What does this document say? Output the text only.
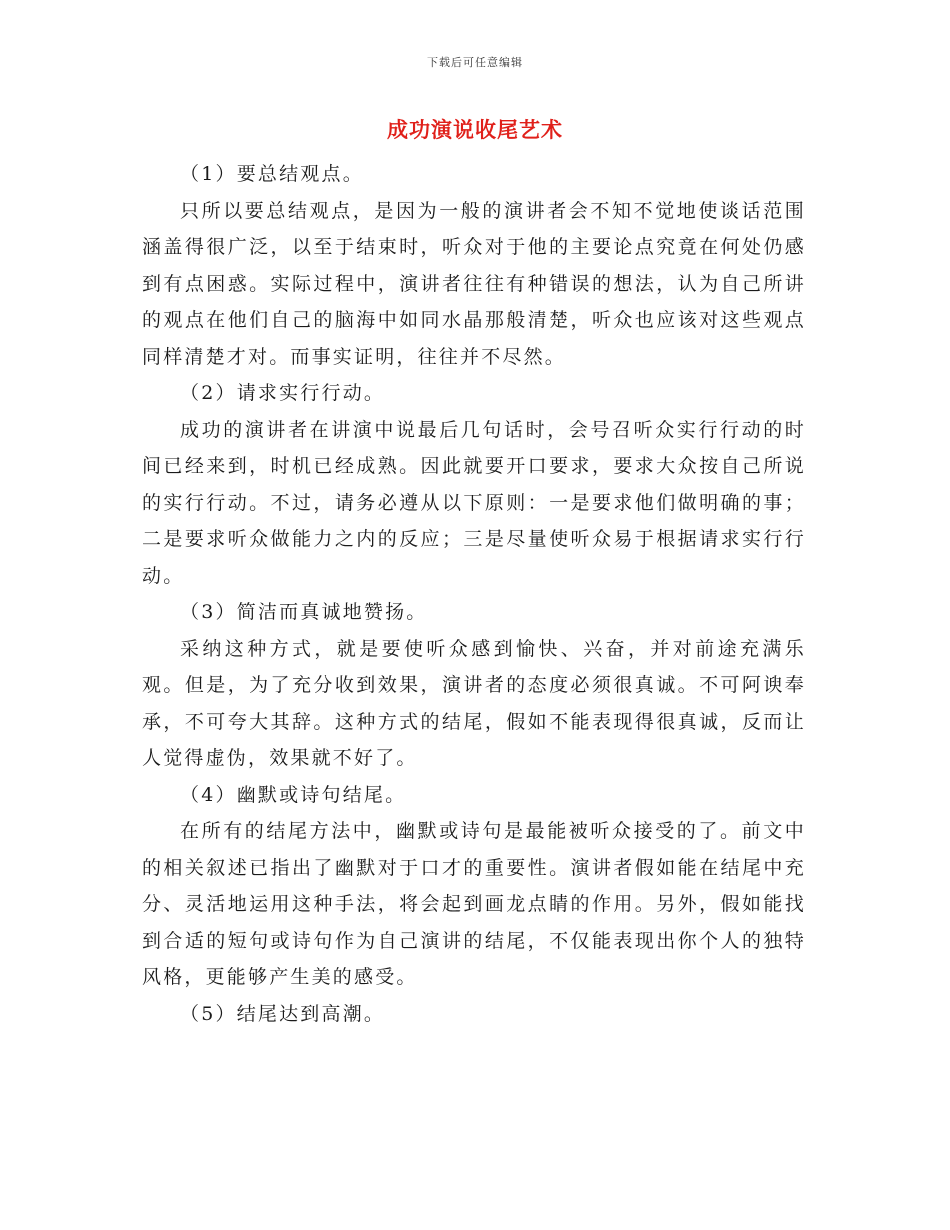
下载后可任意编辑
成功演说收尾艺术

（1）要总结观点。

只所以要总结观点，是因为一般的演讲者会不知不觉地使谈话范围涵盖得很广泛，以至于结束时，听众对于他的主要论点究竟在何处仍感到有点困惑。实际过程中，演讲者往往有种错误的想法，认为自己所讲的观点在他们自己的脑海中如同水晶那般清楚，听众也应该对这些观点同样清楚才对。而事实证明，往往并不尽然。

（2）请求实行行动。

成功的演讲者在讲演中说最后几句话时，会号召听众实行行动的时间已经来到，时机已经成熟。因此就要开口要求，要求大众按自己所说的实行行动。不过，请务必遵从以下原则：一是要求他们做明确的事；二是要求听众做能力之内的反应；三是尽量使听众易于根据请求实行行动。

（3）简洁而真诚地赞扬。

采纳这种方式，就是要使听众感到愉快、兴奋，并对前途充满乐观。但是，为了充分收到效果，演讲者的态度必须很真诚。不可阿谀奉承，不可夸大其辞。这种方式的结尾，假如不能表现得很真诚，反而让人觉得虚伪，效果就不好了。

（4）幽默或诗句结尾。

在所有的结尾方法中，幽默或诗句是最能被听众接受的了。前文中的相关叙述已指出了幽默对于口才的重要性。演讲者假如能在结尾中充分、灵活地运用这种手法，将会起到画龙点睛的作用。另外，假如能找到合适的短句或诗句作为自己演讲的结尾，不仅能表现出你个人的独特风格，更能够产生美的感受。

（5）结尾达到高潮。
